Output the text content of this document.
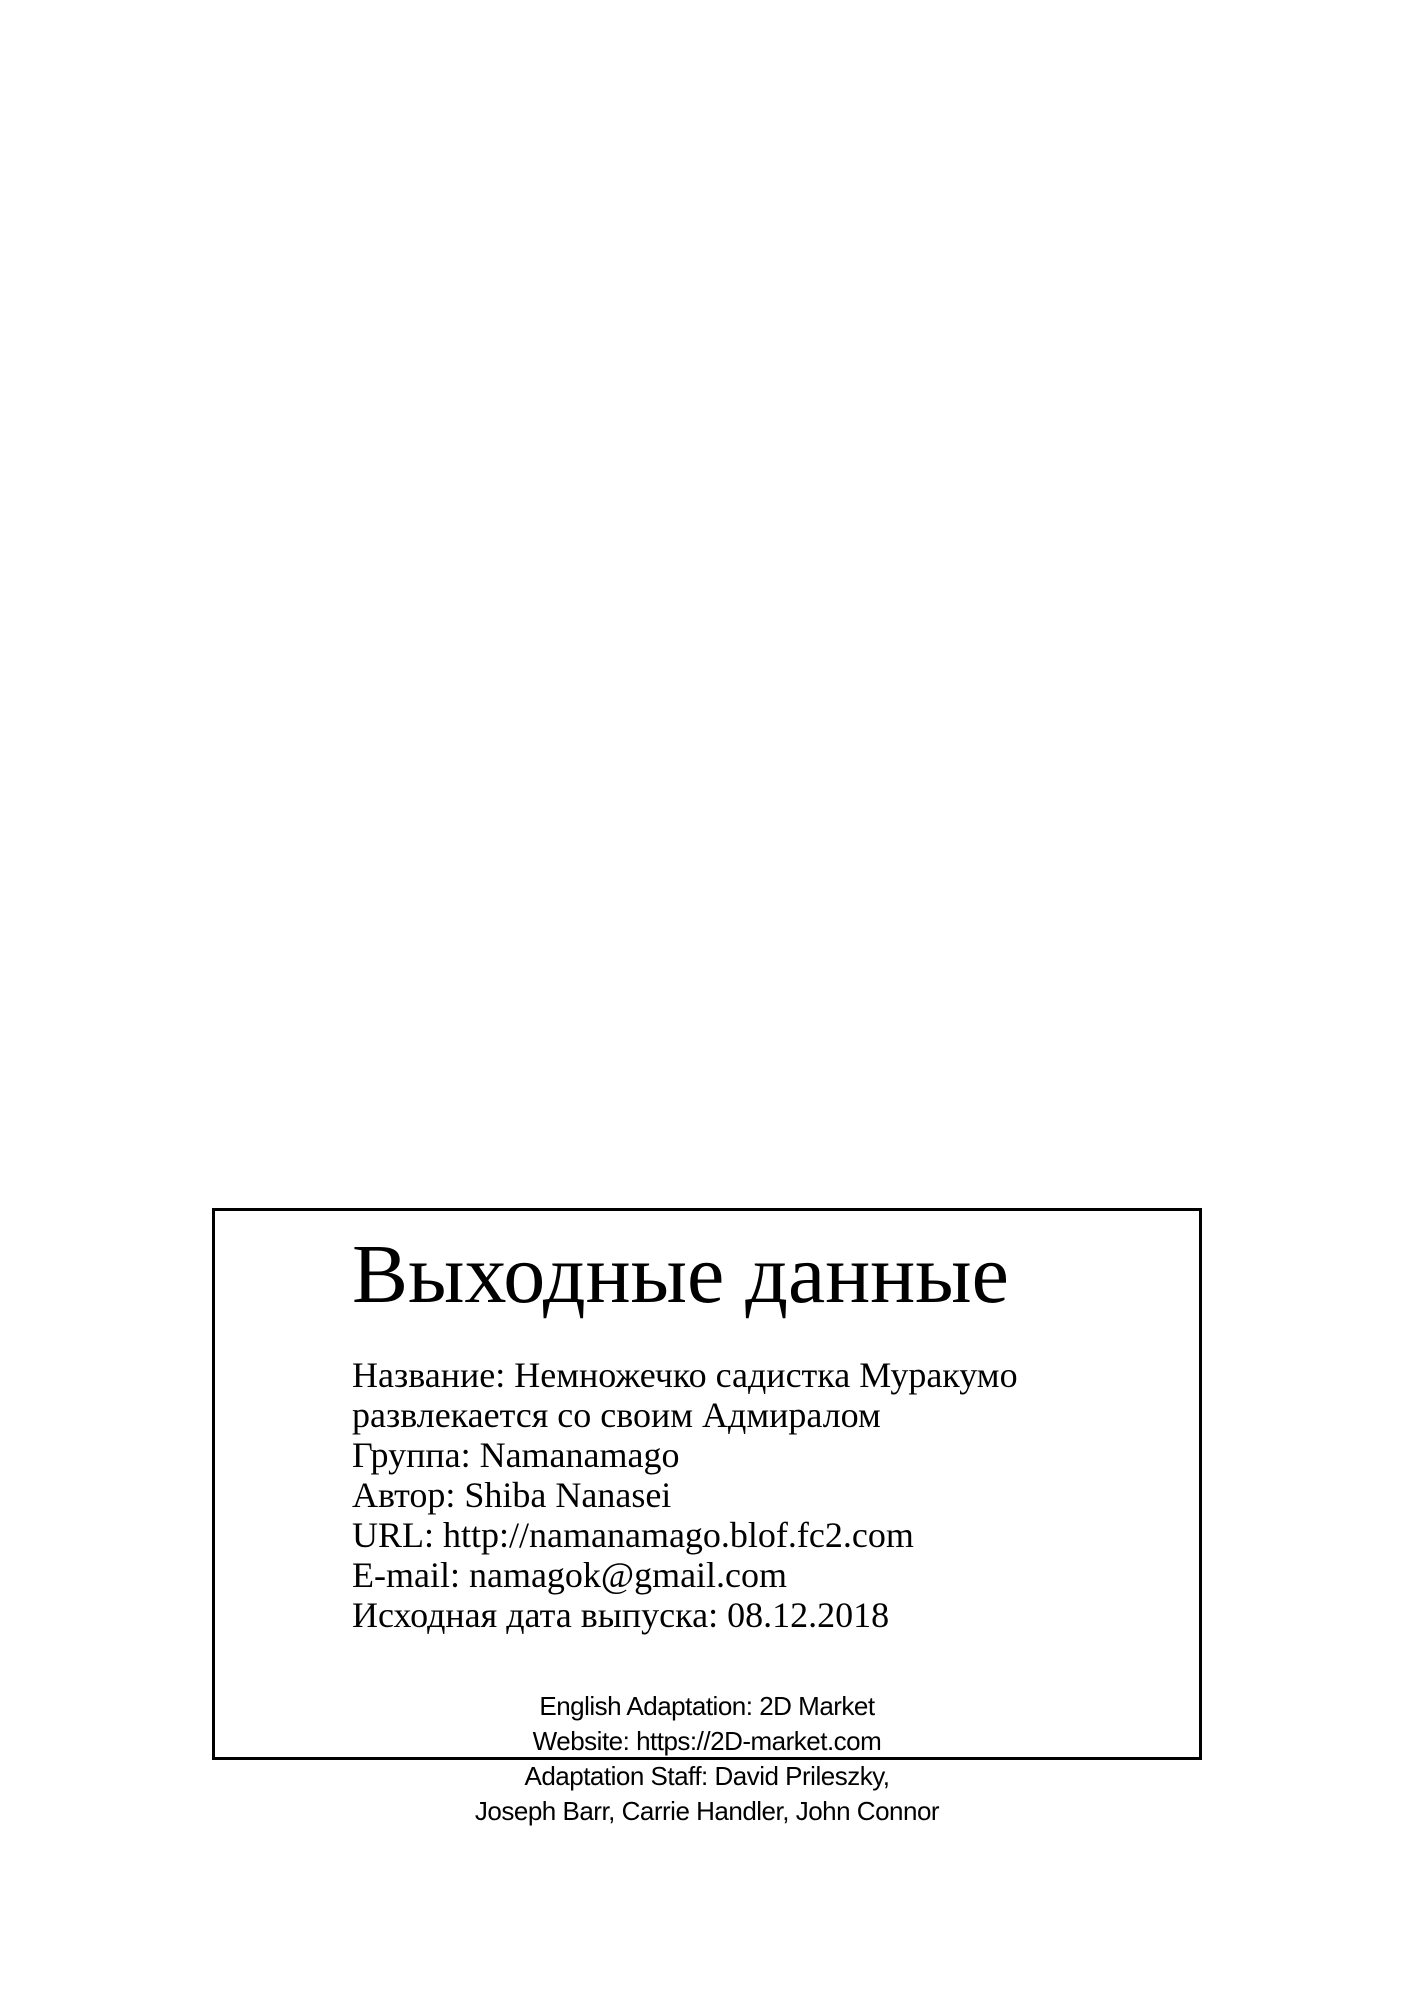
Выходные данные
Название: Немножечко садистка Муракумо
развлекается со своим Адмиралом
Группа: Namanamago
Автор: Shiba Nanasei
URL: http://namanamago.blof.fc2.com
E-mail: namagok@gmail.com
Исходная дата выпуска: 08.12.2018
English Adaptation: 2D Market
Website: https://2D-market.com
Adaptation Staff: David Prileszky,
Joseph Barr, Carrie Handler, John Connor
